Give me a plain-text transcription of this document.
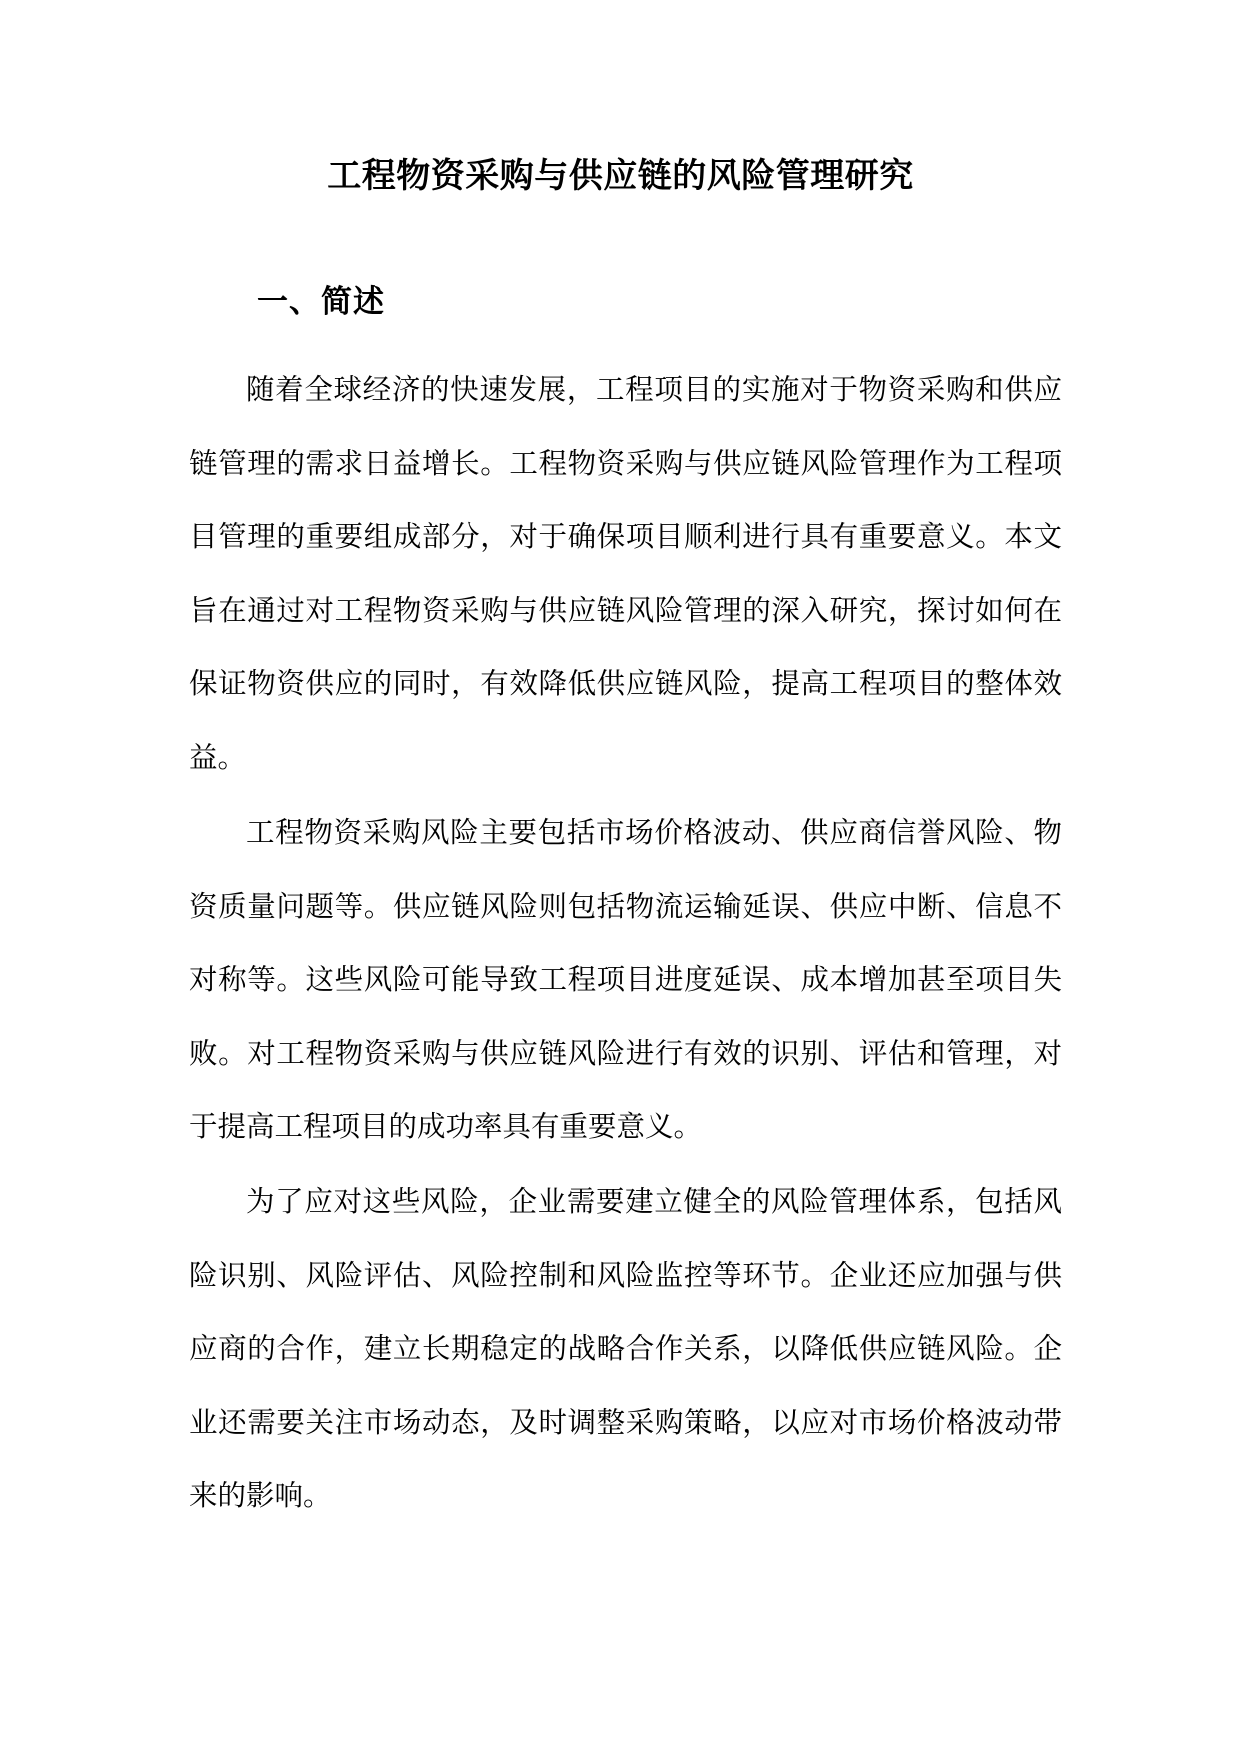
工程物资采购与供应链的风险管理研究
一、简述

随着全球经济的快速发展，工程项目的实施对于物资采购和供应链管理的需求日益增长。工程物资采购与供应链风险管理作为工程项目管理的重要组成部分，对于确保项目顺利进行具有重要意义。本文旨在通过对工程物资采购与供应链风险管理的深入研究，探讨如何在保证物资供应的同时，有效降低供应链风险，提高工程项目的整体效益。

工程物资采购风险主要包括市场价格波动、供应商信誉风险、物资质量问题等。供应链风险则包括物流运输延误、供应中断、信息不对称等。这些风险可能导致工程项目进度延误、成本增加甚至项目失败。对工程物资采购与供应链风险进行有效的识别、评估和管理，对于提高工程项目的成功率具有重要意义。

为了应对这些风险，企业需要建立健全的风险管理体系，包括风险识别、风险评估、风险控制和风险监控等环节。企业还应加强与供应商的合作，建立长期稳定的战略合作关系，以降低供应链风险。企业还需要关注市场动态，及时调整采购策略，以应对市场价格波动带来的影响。
